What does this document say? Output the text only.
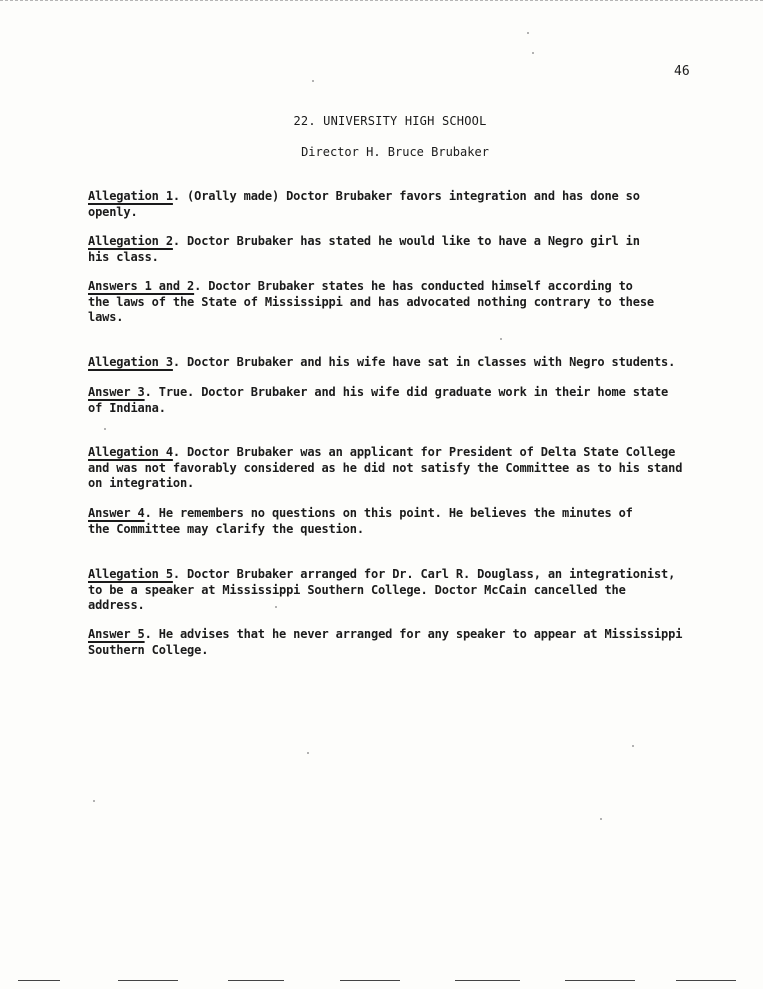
46
22. UNIVERSITY HIGH SCHOOL
Director H. Bruce Brubaker
Allegation 1. (Orally made) Doctor Brubaker favors integration and has done so
openly.
Allegation 2. Doctor Brubaker has stated he would like to have a Negro girl in
his class.
Answers 1 and 2. Doctor Brubaker states he has conducted himself according to
the laws of the State of Mississippi and has advocated nothing contrary to these
laws.
Allegation 3. Doctor Brubaker and his wife have sat in classes with Negro students.
Answer 3. True. Doctor Brubaker and his wife did graduate work in their home state
of Indiana.
Allegation 4. Doctor Brubaker was an applicant for President of Delta State College
and was not favorably considered as he did not satisfy the Committee as to his stand
on integration.
Answer 4. He remembers no questions on this point. He believes the minutes of
the Committee may clarify the question.
Allegation 5. Doctor Brubaker arranged for Dr. Carl R. Douglass, an integrationist,
to be a speaker at Mississippi Southern College. Doctor McCain cancelled the
address.
Answer 5. He advises that he never arranged for any speaker to appear at Mississippi
Southern College.
